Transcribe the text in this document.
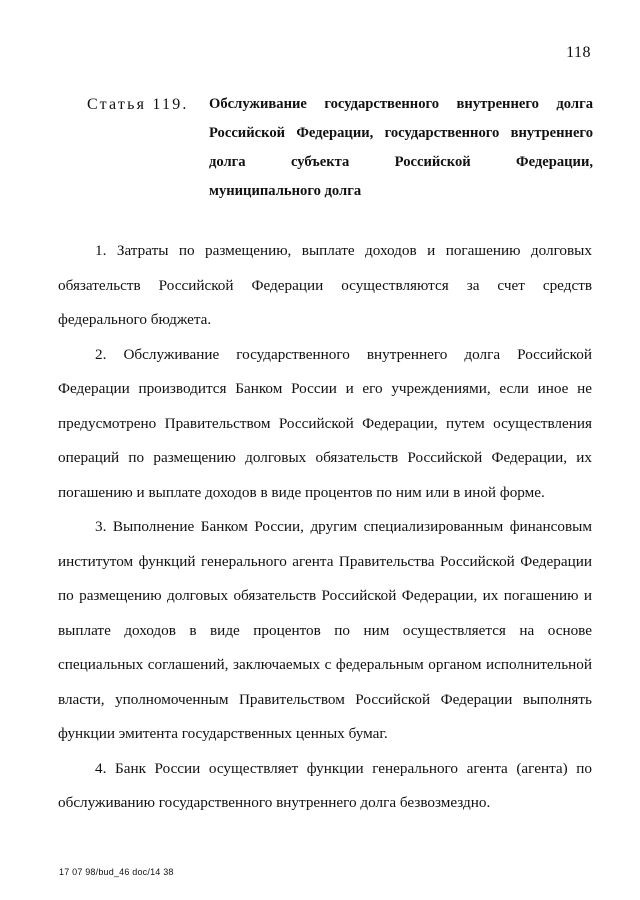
118
Статья 119.	Обслуживание государственного внутреннего долга
Российской Федерации, государственного внутреннего
долга субъекта Российской Федерации,
муниципального долга
1. Затраты по размещению, выплате доходов и погашению долговых
обязательств Российской Федерации осуществляются за счет средств
федерального бюджета.
2. Обслуживание государственного внутреннего долга Российской
Федерации производится Банком России и его учреждениями, если иное не
предусмотрено Правительством Российской Федерации, путем осуществления
операций по размещению долговых обязательств Российской Федерации, их
погашению и выплате доходов в виде процентов по ним или в иной форме.
3. Выполнение Банком России, другим специализированным финансовым
институтом функций генерального агента Правительства Российской Федерации
по размещению долговых обязательств Российской Федерации, их погашению и
выплате доходов в виде процентов по ним осуществляется на основе
специальных соглашений, заключаемых с федеральным органом исполнительной
власти, уполномоченным Правительством Российской Федерации выполнять
функции эмитента государственных ценных бумаг.
4. Банк России осуществляет функции генерального агента (агента) по
обслуживанию государственного внутреннего долга безвозмездно.
17 07 98/bud_46 doc/14 38
